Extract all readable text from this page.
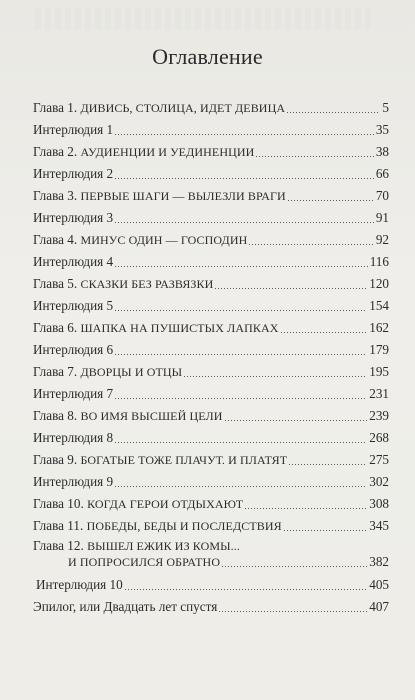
Оглавление
Глава 1. ДИВИСЬ, СТОЛИЦА, ИДЕТ ДЕВИЦА	5
Интерлюдия 1	35
Глава 2. АУДИЕНЦИИ И УЕДИНЕНЦИИ	38
Интерлюдия 2	66
Глава 3. ПЕРВЫЕ ШАГИ — ВЫЛЕЗЛИ ВРАГИ	70
Интерлюдия 3	91
Глава 4. МИНУС ОДИН — ГОСПОДИН	92
Интерлюдия 4	116
Глава 5. СКАЗКИ БЕЗ РАЗВЯЗКИ	120
Интерлюдия 5	154
Глава 6. ШАПКА НА ПУШИСТЫХ ЛАПКАХ	162
Интерлюдия 6	179
Глава 7. ДВОРЦЫ И ОТЦЫ	195
Интерлюдия 7	231
Глава 8. ВО ИМЯ ВЫСШЕЙ ЦЕЛИ	239
Интерлюдия 8	268
Глава 9. БОГАТЫЕ ТОЖЕ ПЛАЧУТ. И ПЛАТЯТ	275
Интерлюдия 9	302
Глава 10. КОГДА ГЕРОИ ОТДЫХАЮТ	308
Глава 11. ПОБЕДЫ, БЕДЫ И ПОСЛЕДСТВИЯ	345
Глава 12. ВЫШЕЛ ЕЖИК ИЗ КОМЫ...
И ПОПРОСИЛСЯ ОБРАТНО	382
Интерлюдия 10	405
Эпилог, или Двадцать лет спустя	407
